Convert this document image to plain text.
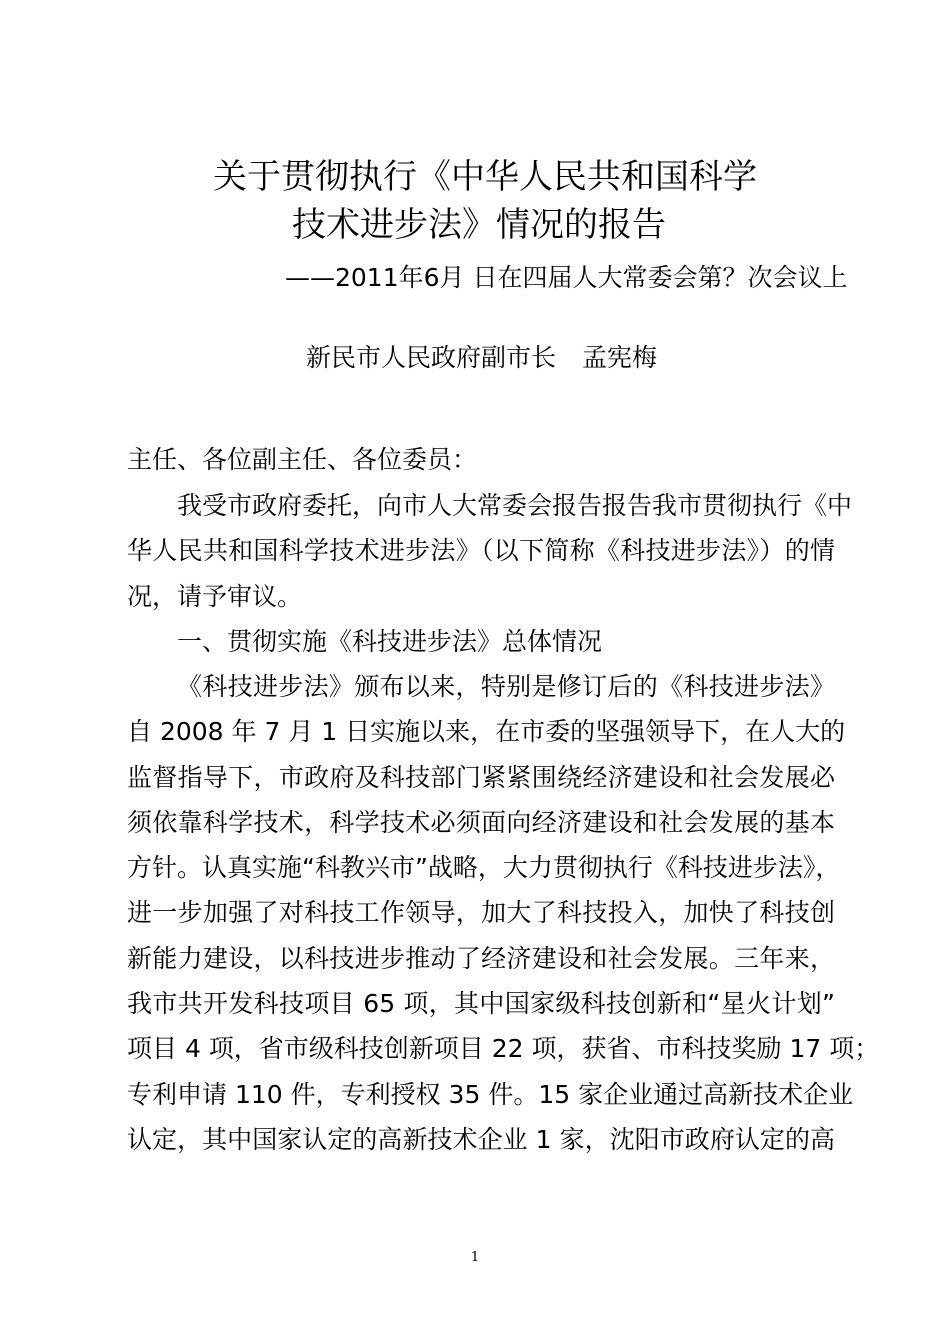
关于贯彻执行《中华人民共和国科学
技术进步法》情况的报告
——2011年6月 日在四届人大常委会第？次会议上
新民市人民政府副市长 孟宪梅
主任、各位副主任、各位委员：
我受市政府委托，向市人大常委会报告报告我市贯彻执行《中
华人民共和国科学技术进步法》（以下简称《科技进步法》）的情
况，请予审议。
一、贯彻实施《科技进步法》总体情况
《科技进步法》颁布以来，特别是修订后的《科技进步法》
自 2008 年 7 月 1 日实施以来，在市委的坚强领导下，在人大的
监督指导下，市政府及科技部门紧紧围绕经济建设和社会发展必
须依靠科学技术，科学技术必须面向经济建设和社会发展的基本
方针。认真实施“科教兴市”战略，大力贯彻执行《科技进步法》，
进一步加强了对科技工作领导，加大了科技投入，加快了科技创
新能力建设，以科技进步推动了经济建设和社会发展。三年来，
我市共开发科技项目 65 项，其中国家级科技创新和“星火计划”
项目 4 项，省市级科技创新项目 22 项，获省、市科技奖励 17 项；
专利申请 110 件，专利授权 35 件。15 家企业通过高新技术企业
认定，其中国家认定的高新技术企业 1 家，沈阳市政府认定的高
1
